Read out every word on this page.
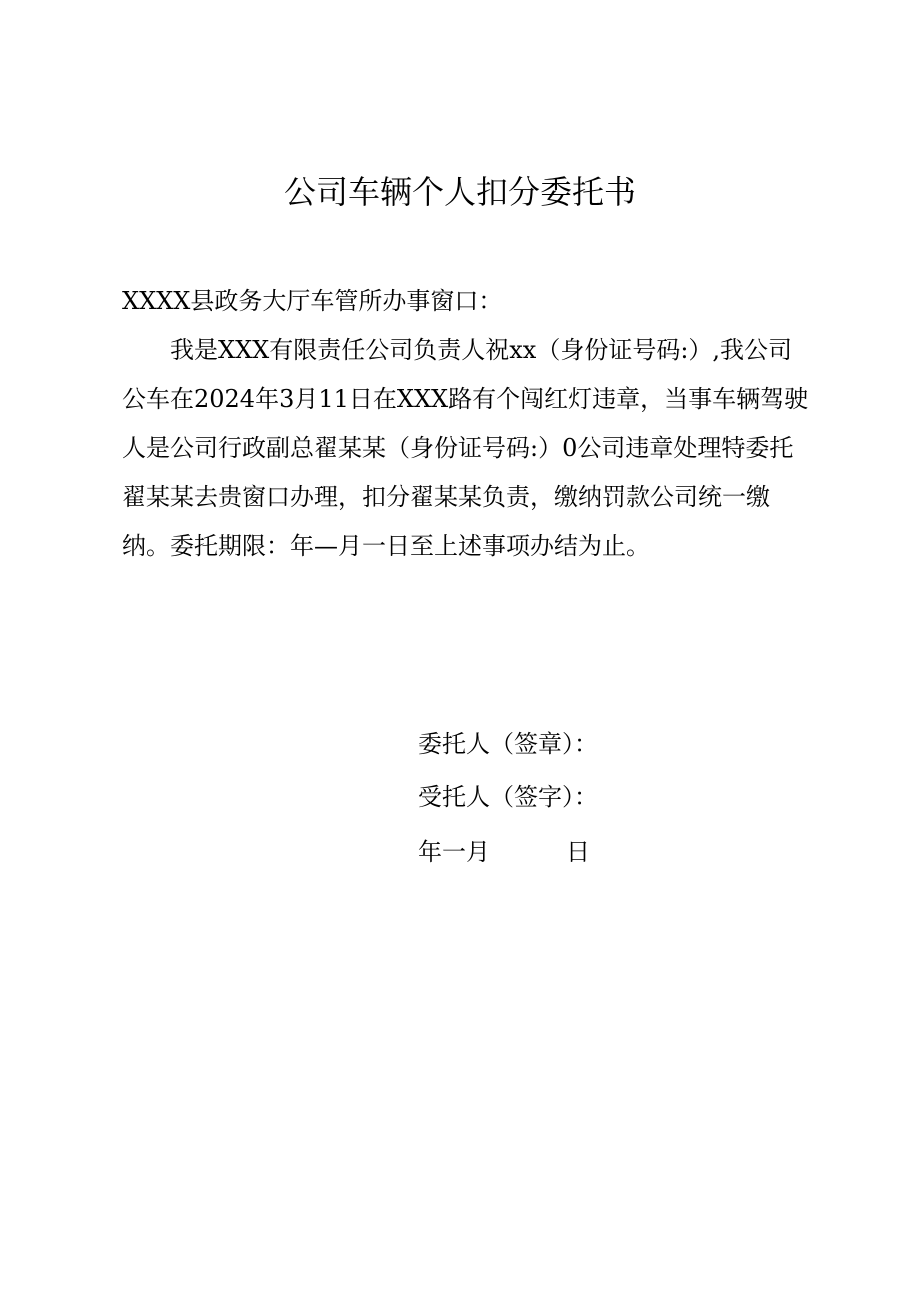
公司车辆个人扣分委托书

XXXX县政务大厅车管所办事窗口：

我是XXX有限责任公司负责人祝xx（身份证号码:）,我公司公车在2024年3月11日在XXX路有个闯红灯违章，当事车辆驾驶人是公司行政副总翟某某（身份证号码:）0公司违章处理特委托翟某某去贵窗口办理，扣分翟某某负责，缴纳罚款公司统一缴纳。 委托期限：年—月一日至上述事项办结为止。

委托人（签章）：

受托人（签字）：

年一月	日
